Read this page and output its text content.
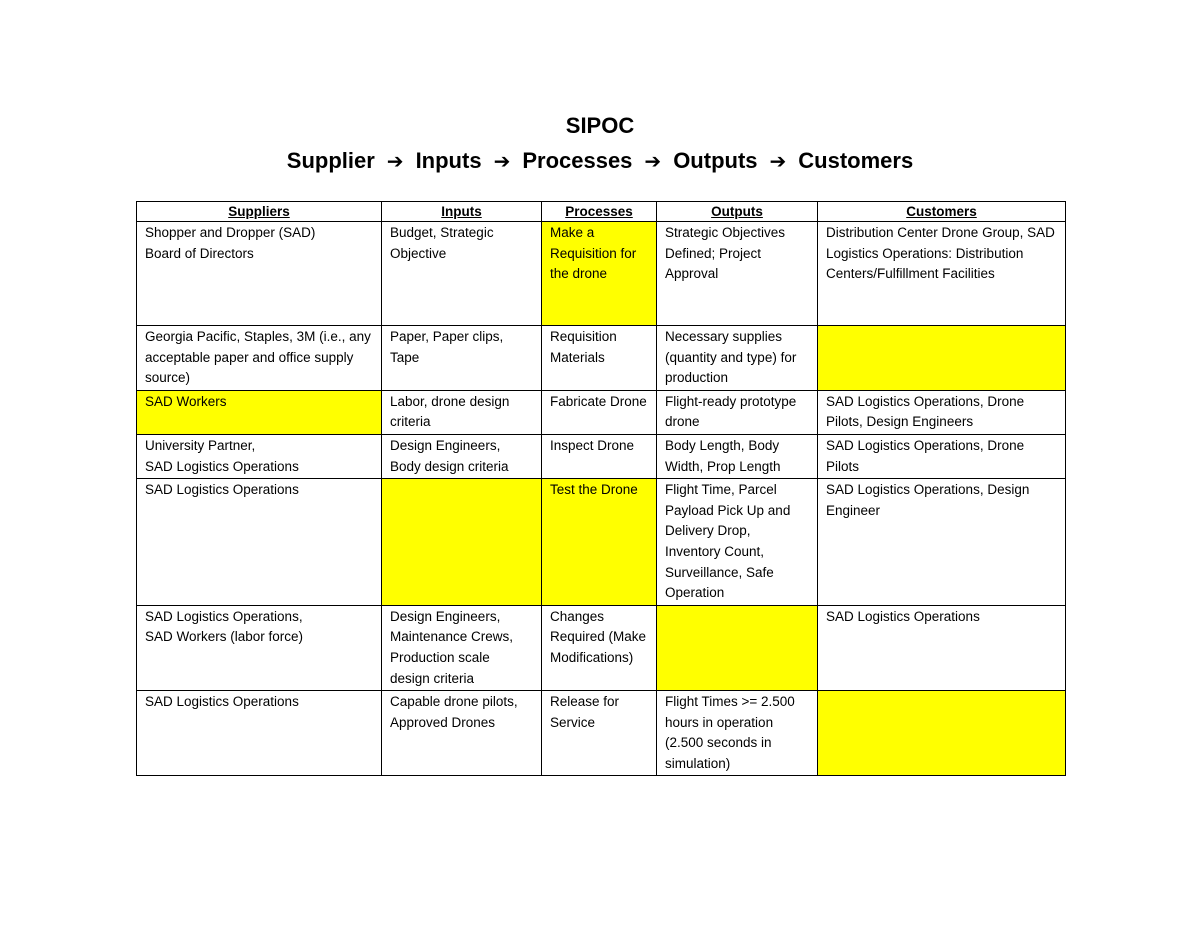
SIPOC
Supplier ➔ Inputs ➔ Processes ➔ Outputs ➔ Customers
Suppliers	Inputs	Processes	Outputs	Customers

Shopper and Dropper (SAD)
Board of Directors	Budget, Strategic Objective	Make a Requisition for the drone	Strategic Objectives Defined; Project Approval	Distribution Center Drone Group, SAD Logistics Operations: Distribution Centers/Fulfillment Facilities

Georgia Pacific, Staples, 3M (i.e., any acceptable paper and office supply source)	Paper, Paper clips, Tape	Requisition Materials	Necessary supplies (quantity and type) for production	

SAD Workers	Labor, drone design criteria	Fabricate Drone	Flight-ready prototype drone	SAD Logistics Operations, Drone Pilots, Design Engineers

University Partner,
SAD Logistics Operations	Design Engineers, Body design criteria	Inspect Drone	Body Length, Body Width, Prop Length	SAD Logistics Operations, Drone Pilots

SAD Logistics Operations		Test the Drone	Flight Time, Parcel Payload Pick Up and Delivery Drop, Inventory Count, Surveillance, Safe Operation	SAD Logistics Operations, Design Engineer

SAD Logistics Operations,
SAD Workers (labor force)	Design Engineers, Maintenance Crews, Production scale design criteria	Changes Required (Make Modifications)		SAD Logistics Operations

SAD Logistics Operations	Capable drone pilots, Approved Drones	Release for Service	Flight Times >= 2.500 hours in operation (2.500 seconds in simulation)	
